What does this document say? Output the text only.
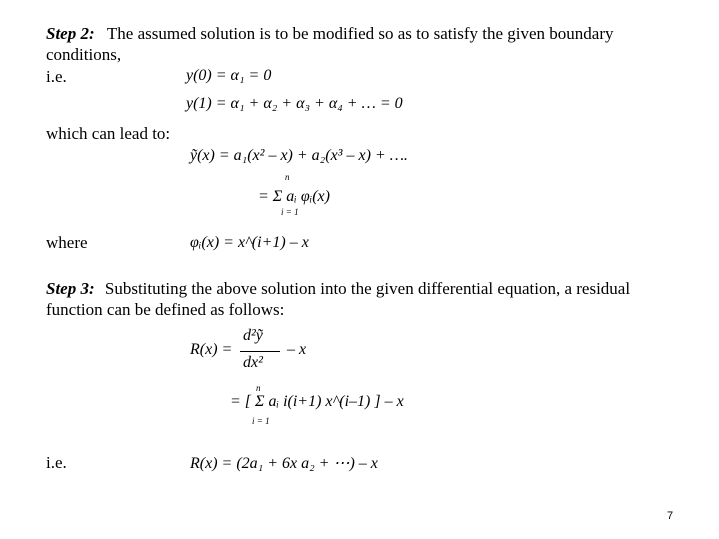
Step 2: The assumed solution is to be modified so as to satisfy the given boundary
conditions,
i.e.	y(0) = α₁ = 0
y(1) = α₁ + α₂ + α₃ + α₄ + … = 0
which can lead to:
ỹ(x) = a₁(x² – x) + a₂(x³ – x) + ….
n
= Σ aᵢ φᵢ(x)
i = 1
where	φᵢ(x) = x^(i+1) – x
Step 3: Substituting the above solution into the given differential equation, a residual
function can be defined as follows:
R(x) =
d²ỹ
dx²
– x
n
= [ Σ aᵢ i(i+1) x^(i–1) ] – x
i = 1
i.e.	R(x) = (2a₁ + 6x a₂ + ⋯) – x
7
